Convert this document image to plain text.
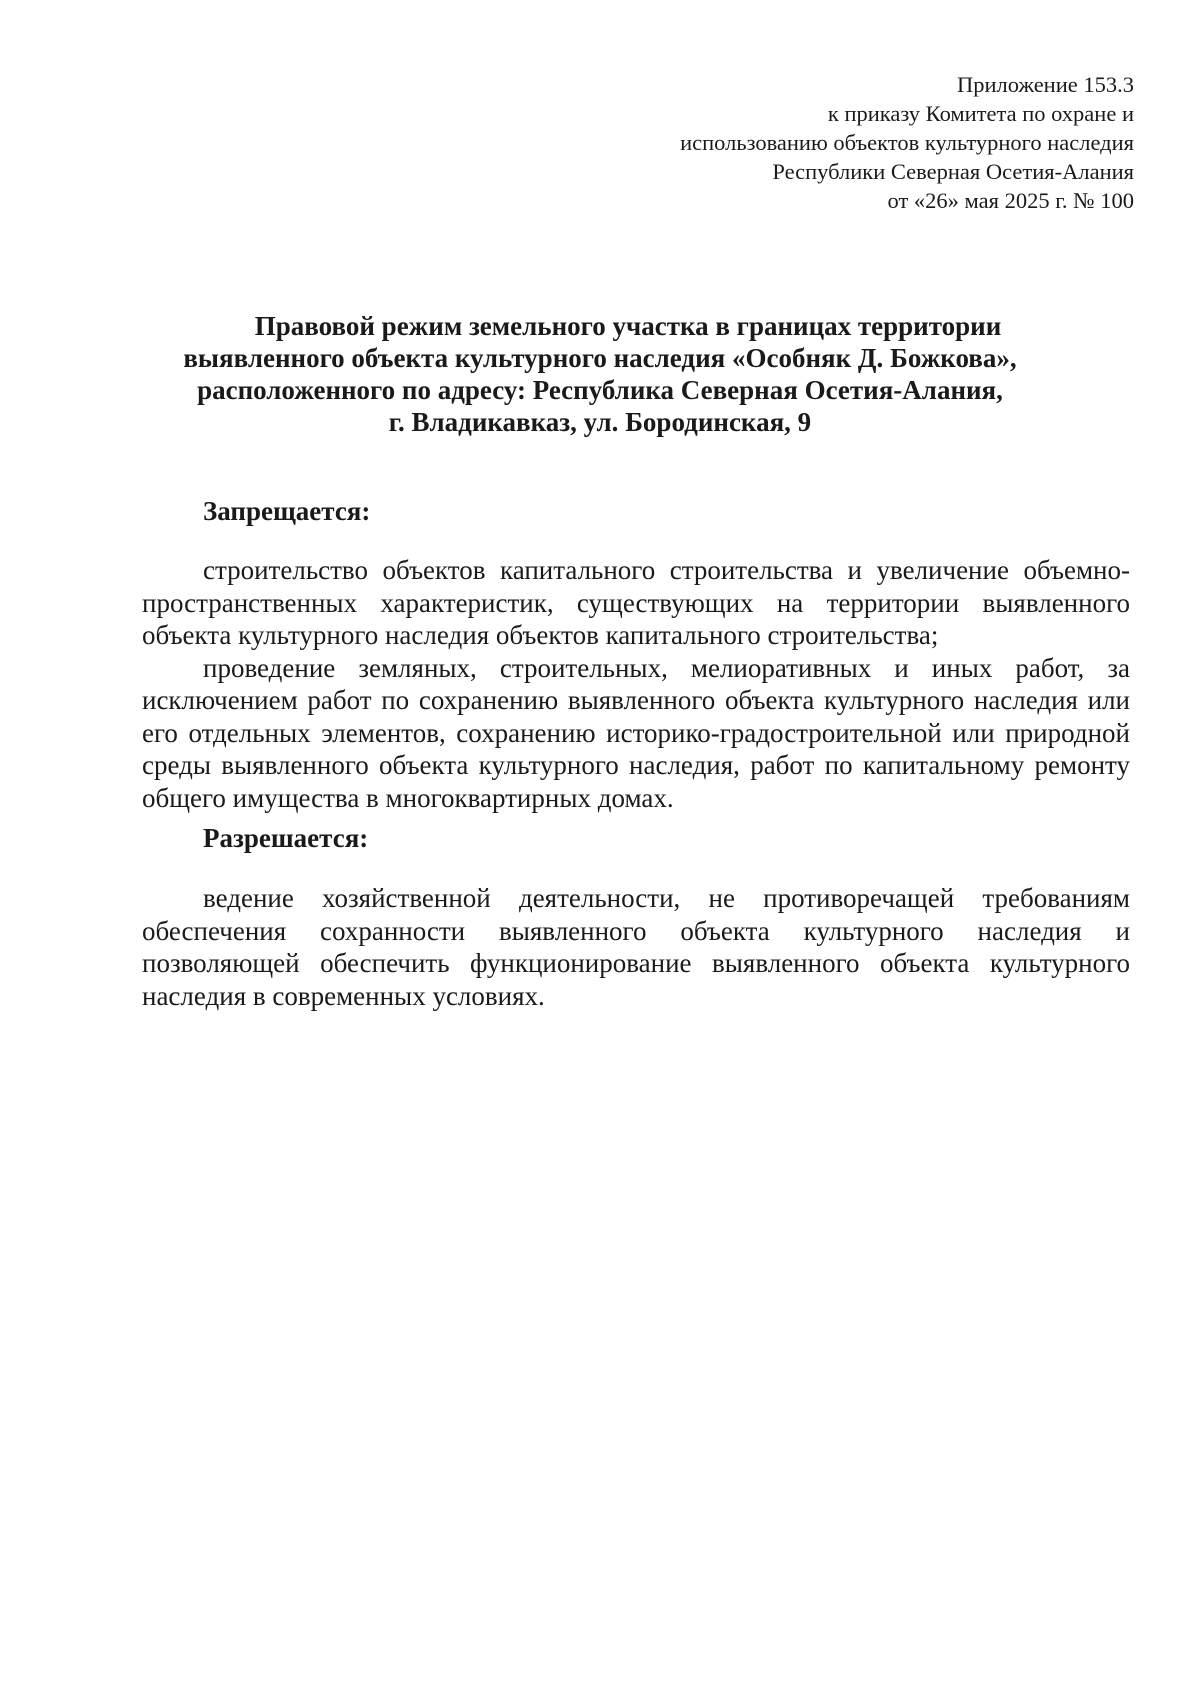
Приложение 153.3
к приказу Комитета по охране и
использованию объектов культурного наследия
Республики Северная Осетия-Алания
от «26» мая 2025 г. № 100
Правовой режим земельного участка в границах территории
выявленного объекта культурного наследия «Особняк Д. Божкова»,
расположенного по адресу: Республика Северная Осетия-Алания,
г. Владикавказ, ул. Бородинская, 9
Запрещается:

строительство объектов капитального строительства и увеличение объемно-пространственных характеристик, существующих на территории выявленного объекта культурного наследия объектов капитального строительства;

проведение земляных, строительных, мелиоративных и иных работ, за исключением работ по сохранению выявленного объекта культурного наследия или его отдельных элементов, сохранению историко-градостроительной или природной среды выявленного объекта культурного наследия, работ по капитальному ремонту общего имущества в многоквартирных домах.

Разрешается:

ведение хозяйственной деятельности, не противоречащей требованиям обеспечения сохранности выявленного объекта культурного наследия и позволяющей обеспечить функционирование выявленного объекта культурного наследия в современных условиях.
